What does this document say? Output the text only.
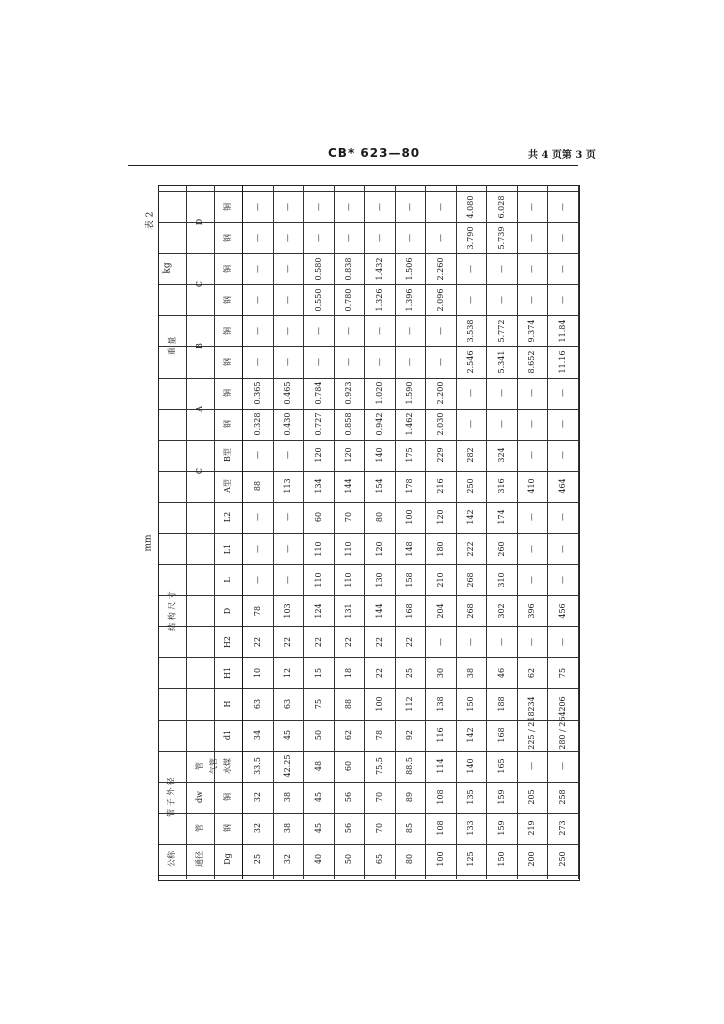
CB* 623—80	共 4 页第 3 页
表 2
mm
kg
Dg
钢
铜
水煤
d1
H
H1
H2
D
L
L1
L2
A型
B型
钢
铜
钢
铜
钢
铜
钢
铜
公称 通径
管 子 外 径 dw
管
管 气管
结 构 尺 寸
C
重 量
A
B
C
D
25
32
32
33.5
34
63
10
22
78
—
—
—
88
—
0.328
0.365
—
—
—
—
—
—
32
38
38
42.25
45
63
12
22
103
—
—
—
113
—
0.430
0.465
—
—
—
—
—
—
40
45
45
48
50
75
15
22
124
110
110
60
134
120
0.727
0.784
—
—
0.550
0.580
—
—
50
56
56
60
62
88
18
22
131
110
110
70
144
120
0.858
0.923
—
—
0.780
0.838
—
—
65
70
70
75.5
78
100
22
22
144
130
120
80
154
140
0.942
1.020
—
—
1.326
1.432
—
—
80
85
89
88.5
92
112
25
22
168
158
148
100
178
175
1.462
1.590
—
—
1.396
1.506
—
—
100
108
108
114
116
138
30
—
204
210
180
120
216
229
2.030
2.200
—
—
2.096
2.260
—
—
125
133
135
140
142
150
38
—
268
268
222
142
250
282
—
—
2.546
3.538
—
—
3.790
4.080
150
159
159
165
168
188
46
—
302
310
260
174
316
324
—
—
5.341
5.772
—
—
5.739
6.028
200
219
205
—
225 / 218
234
62
—
396
—
—
—
410
—
—
—
8.652
9.374
—
—
—
—
250
273
258
—
280 / 264
206
75
—
456
—
—
—
464
—
—
—
11.16
11.84
—
—
—
—
